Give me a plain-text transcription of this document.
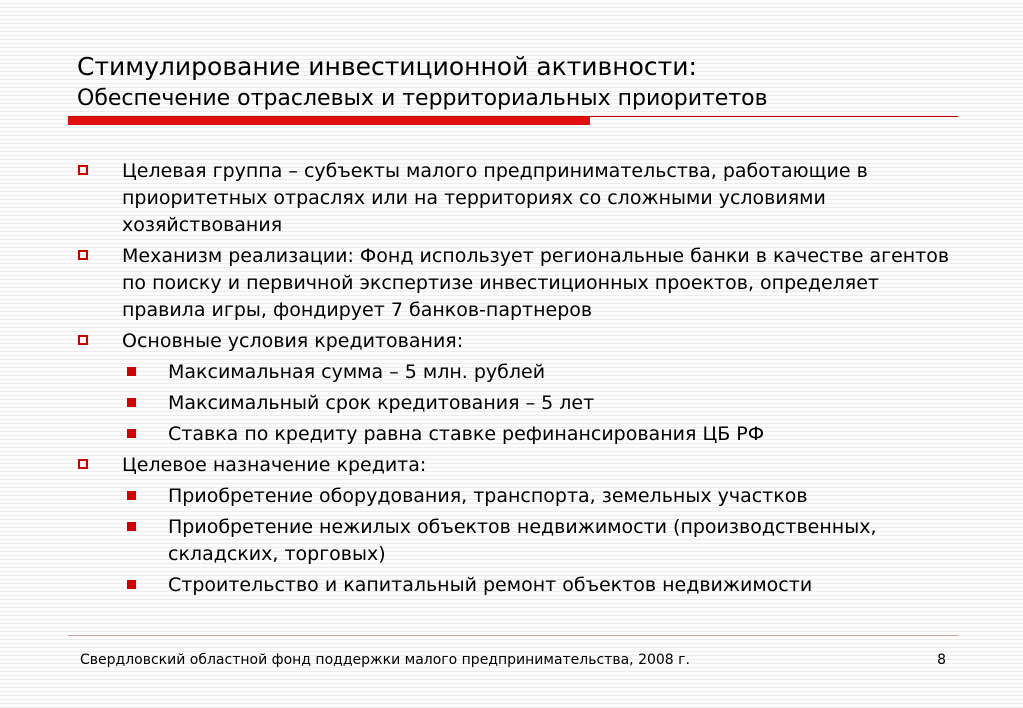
Стимулирование инвестиционной активности:
Обеспечение отраслевых и территориальных приоритетов
Целевая группа – субъекты малого предпринимательства, работающие в приоритетных отраслях или на территориях со сложными условиями хозяйствования
Механизм реализации: Фонд использует региональные банки в качестве агентов по поиску и первичной экспертизе инвестиционных проектов, определяет правила игры, фондирует 7 банков-партнеров
Основные условия кредитования:
Максимальная сумма – 5 млн. рублей
Максимальный срок кредитования – 5 лет
Ставка по кредиту равна ставке рефинансирования ЦБ РФ
Целевое назначение кредита:
Приобретение оборудования, транспорта, земельных участков
Приобретение нежилых объектов недвижимости (производственных, складских, торговых)
Строительство и капитальный ремонт объектов недвижимости
Свердловский областной фонд поддержки малого предпринимательства, 2008 г.	8
